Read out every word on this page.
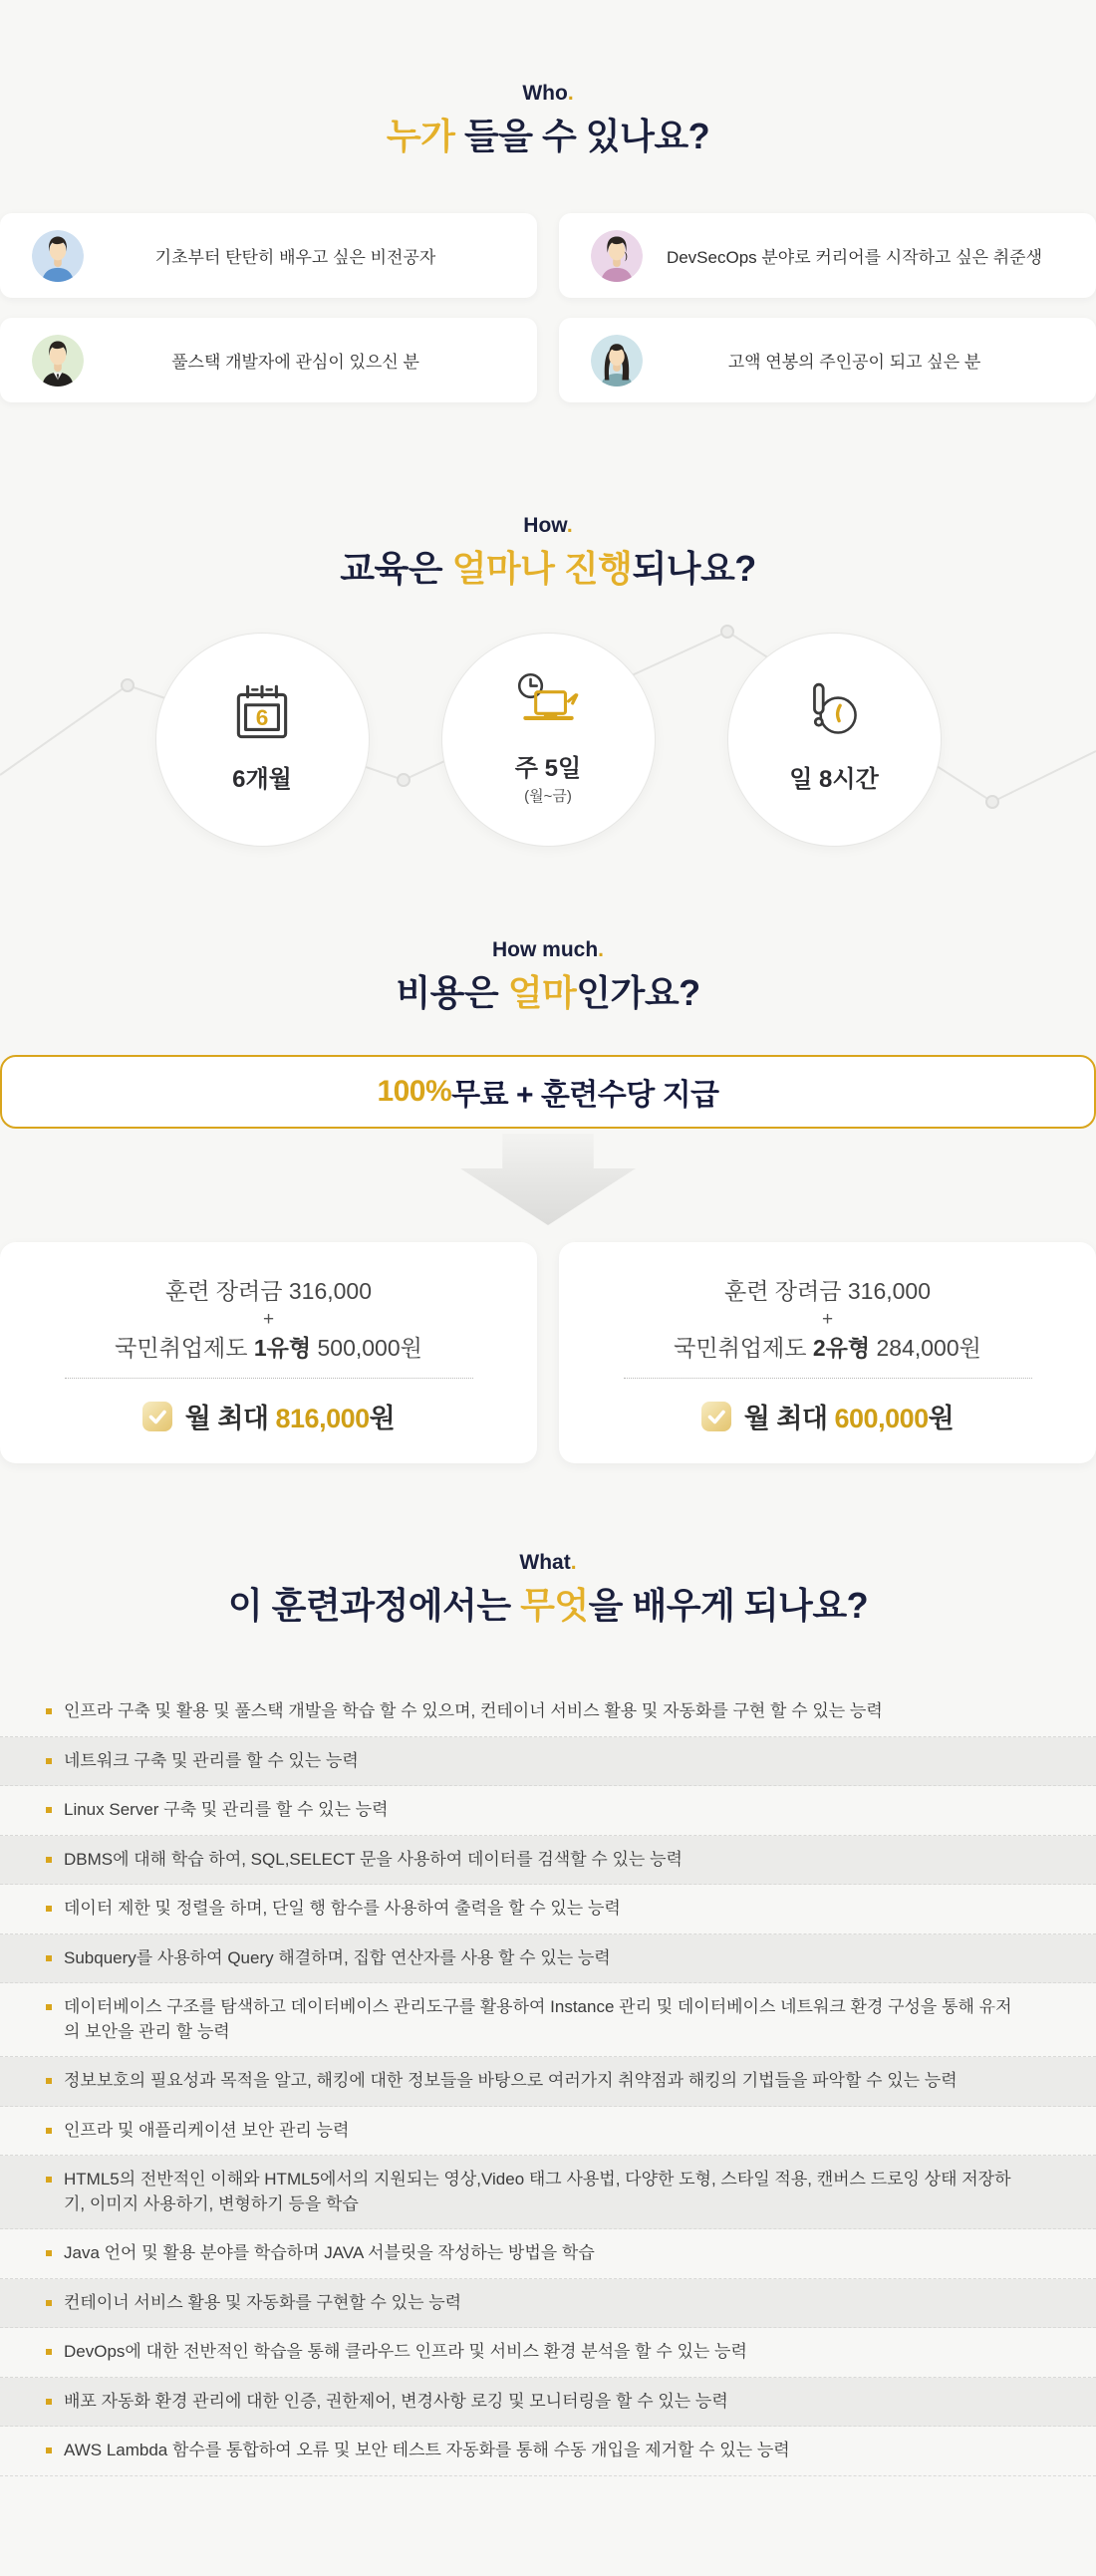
Who.
누가 들을 수 있나요?
기초부터 탄탄히 배우고 싶은 비전공자	DevSecOps 분야로 커리어를 시작하고 싶은 취준생
풀스택 개발자에 관심이 있으신 분	고액 연봉의 주인공이 되고 싶은 분
How.
교육은 얼마나 진행되나요?
6
6개월	주 5일
(월~금)
일 8시간
How much.
비용은 얼마인가요?
100% 무료 + 훈련수당 지급
훈련 장려금 316,000
+
국민취업제도 1유형 500,000원
월 최대 816,000원
훈련 장려금 316,000
+
국민취업제도 2유형 284,000원
월 최대 600,000원
What.
이 훈련과정에서는 무엇을 배우게 되나요?
인프라 구축 및 활용 및 풀스택 개발을 학습 할 수 있으며, 컨테이너 서비스 활용 및 자동화를 구현 할 수 있는 능력
네트워크 구축 및 관리를 할 수 있는 능력
Linux Server 구축 및 관리를 할 수 있는 능력
DBMS에 대해 학습 하여, SQL,SELECT 문을 사용하여 데이터를 검색할 수 있는 능력
데이터 제한 및 정렬을 하며, 단일 행 함수를 사용하여 출력을 할 수 있는 능력
Subquery를 사용하여 Query 해결하며, 집합 연산자를 사용 할 수 있는 능력
데이터베이스 구조를 탐색하고 데이터베이스 관리도구를 활용하여 Instance 관리 및 데이터베이스 네트워크 환경 구성을 통해 유저의 보안을 관리 할 능력
정보보호의 필요성과 목적을 알고, 해킹에 대한 정보들을 바탕으로 여러가지 취약점과 해킹의 기법들을 파악할 수 있는 능력
인프라 및 애플리케이션 보안 관리 능력
HTML5의 전반적인 이해와 HTML5에서의 지원되는 영상,Video 태그 사용법, 다양한 도형, 스타일 적용, 캔버스 드로잉 상태 저장하기, 이미지 사용하기, 변형하기 등을 학습
Java 언어 및 활용 분야를 학습하며 JAVA 서블릿을 작성하는 방법을 학습
컨테이너 서비스 활용 및 자동화를 구현할 수 있는 능력
DevOps에 대한 전반적인 학습을 통해 클라우드 인프라 및 서비스 환경 분석을 할 수 있는 능력
배포 자동화 환경 관리에 대한 인증, 권한제어, 변경사항 로깅 및 모니터링을 할 수 있는 능력
AWS Lambda 함수를 통합하여 오류 및 보안 테스트 자동화를 통해 수동 개입을 제거할 수 있는 능력
